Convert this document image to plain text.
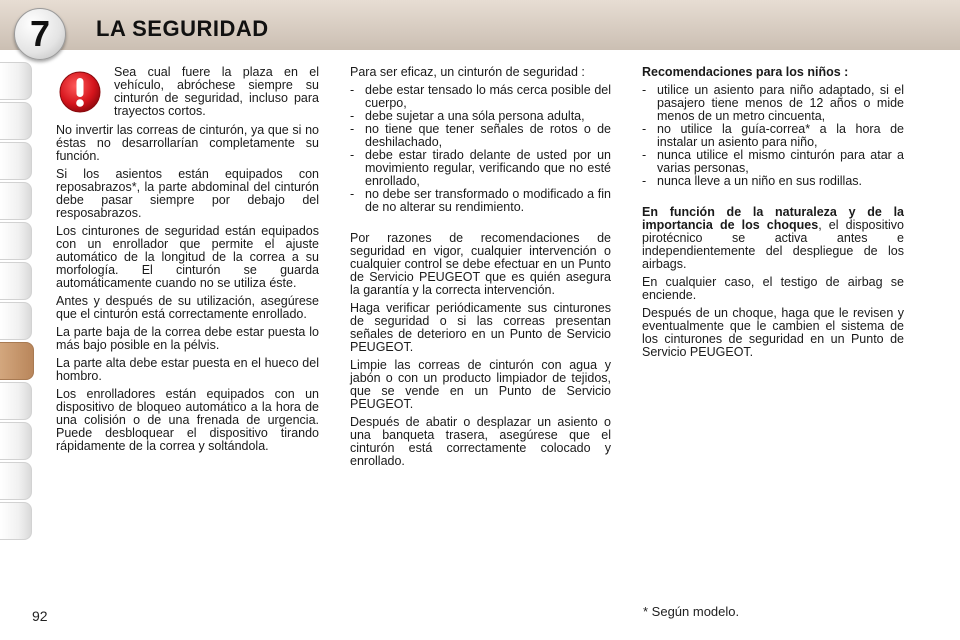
7	LA SEGURIDAD
Sea cual fuere la plaza en el vehículo, abróchese siempre su cinturón de seguridad, incluso para trayectos cortos.

No invertir las correas de cinturón, ya que si no éstas no desarrollarían completamente su función.

Si los asientos están equipados con reposabrazos*, la parte abdominal del cinturón debe pasar siempre por debajo del resposabrazos.

Los cinturones de seguridad están equipados con un enrollador que permite el ajuste automático de la longitud de la correa a su morfología. El cinturón se guarda automáticamente cuando no se utiliza éste.

Antes y después de su utilización, asegúrese que el cinturón está correctamente enrollado.

La parte baja de la correa debe estar puesta lo más bajo posible en la pélvis.

La parte alta debe estar puesta en el hueco del hombro.

Los enrolladores están equipados con un dispositivo de bloqueo automático a la hora de una colisión o de una frenada de urgencia. Puede desbloquear el dispositivo tirando rápidamente de la correa y soltándola.

Para ser eficaz, un cinturón de seguridad :

- debe estar tensado lo más cerca posible del cuerpo,
- debe sujetar a una sóla persona adulta,
- no tiene que tener señales de rotos o de deshilachado,
- debe estar tirado delante de usted por un movimiento regular, verificando que no esté enrollado,
- no debe ser transformado o modificado a fin de no alterar su rendimiento.

Por razones de recomendaciones de seguridad en vigor, cualquier intervención o cualquier control se debe efectuar en un Punto de Servicio PEUGEOT que es quién asegura la garantía y la correcta intervención.

Haga verificar periódicamente sus cinturones de seguridad o si las correas presentan señales de deterioro en un Punto de Servicio PEUGEOT.

Limpie las correas de cinturón con agua y jabón o con un producto limpiador de tejidos, que se vende en un Punto de Servicio PEUGEOT.

Después de abatir o desplazar un asiento o una banqueta trasera, asegúrese que el cinturón está correctamente colocado y enrollado.

Recomendaciones para los niños :

- utilice un asiento para niño adaptado, si el pasajero tiene menos de 12 años o mide menos de un metro cincuenta,
- no utilice la guía-correa* a la hora de instalar un asiento para niño,
- nunca utilice el mismo cinturón para atar a varias personas,
- nunca lleve a un niño en sus rodillas.

En función de la naturaleza y de la importancia de los choques, el dispositivo pirotécnico se activa antes e independientemente del despliegue de los airbags.

En cualquier caso, el testigo de airbag se enciende.

Después de un choque, haga que le revisen y eventualmente que le cambien el sistema de los cinturones de seguridad en un Punto de Servicio PEUGEOT.

92	* Según modelo.
